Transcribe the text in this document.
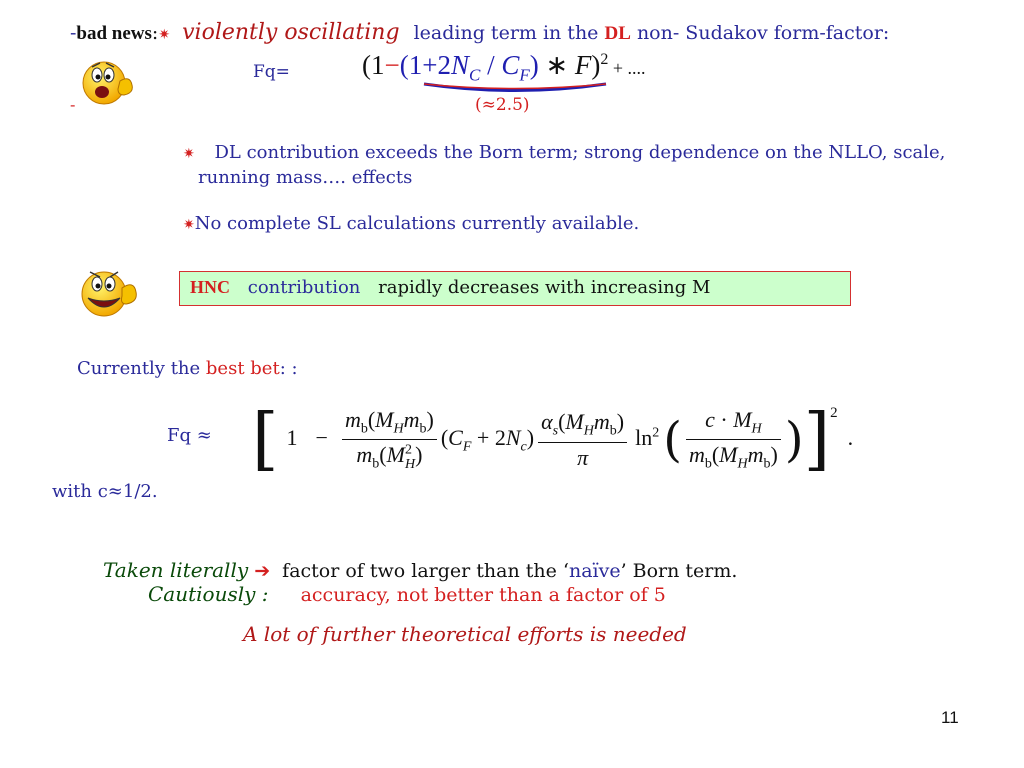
-bad news:✷ violently oscillating leading term in the DL non- Sudakov form-factor:
Fq=	($1-(1+2N_C / C_F)$ ∗ F)$^2$ + ....
(≈2.5)
-
✷ DL contribution exceeds the Born term; strong dependence on the NLLO, scale,
running mass…. effects
✷No complete SL calculations currently available.
HNC contribution rapidly decreases with increasing M
Currently the best bet: :
Fq ≈ [ $1 - \frac{m_b(M_Hm_b)}{m_b(M^2_H)} (C_F + 2N_c) \frac{\alpha_s(M_Hm_b)}{\pi} \ln^2( \frac{c \cdot M_H}{m_b(M_Hm_b)} )]^2$.
with c≈1/2.
Taken literally ➔ factor of two larger than the ‘naïve’ Born term.
Cautiously : accuracy, not better than a factor of 5
A lot of further theoretical efforts is needed
11
